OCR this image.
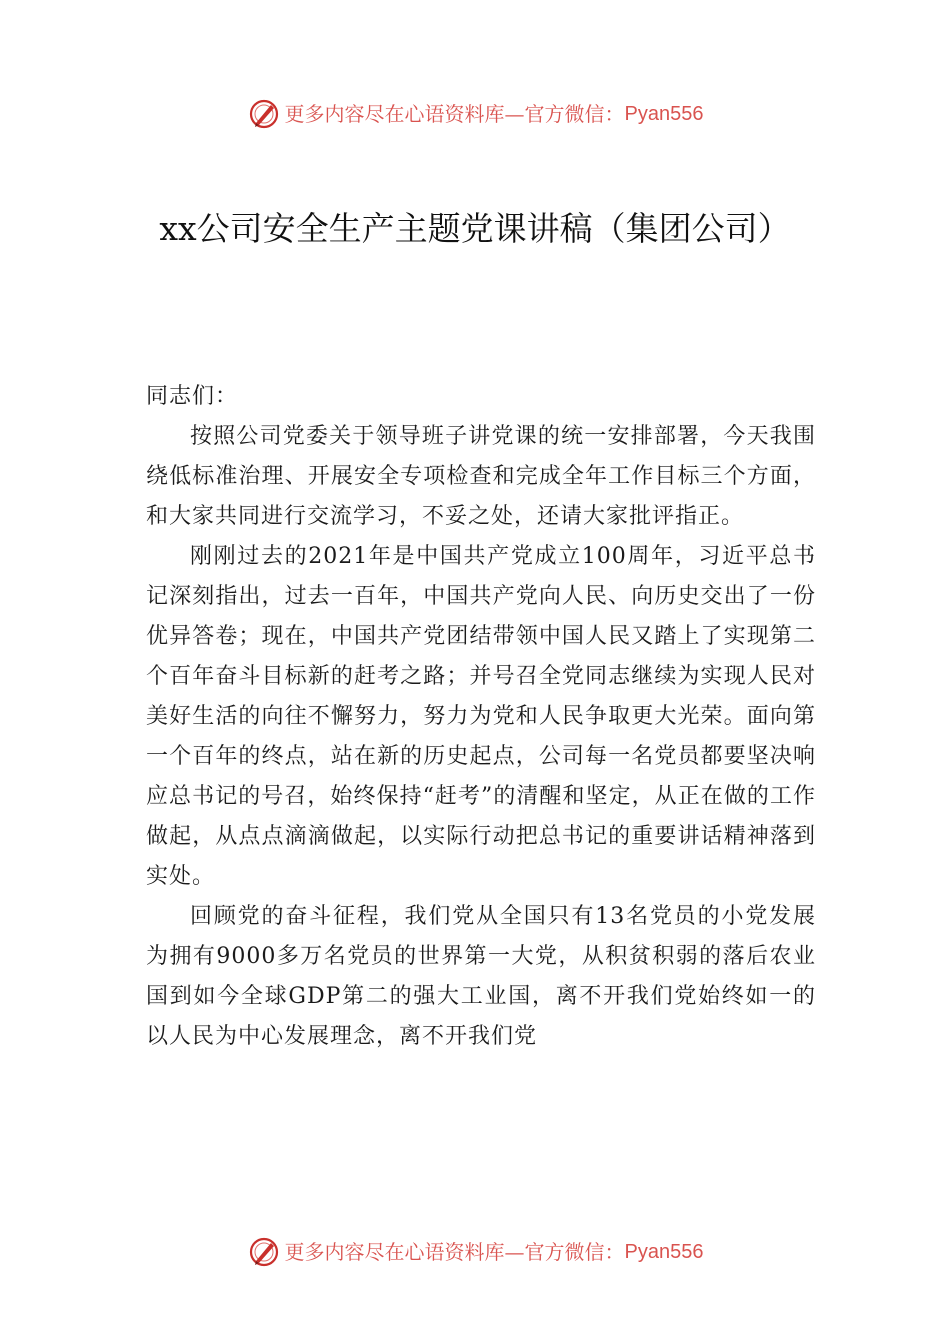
更多内容尽在心语资料库—官方微信： Pyan556
xx公司安全生产主题党课讲稿（集团公司）

同志们：

按照公司党委关于领导班子讲党课的统一安排部署，今天我围绕低标准治理、开展安全专项检查和完成全年工作目标三个方面，和大家共同进行交流学习，不妥之处，还请大家批评指正。

刚刚过去的2021年是中国共产党成立100周年，习近平总书记深刻指出，过去一百年，中国共产党向人民、向历史交出了一份优异答卷；现在，中国共产党团结带领中国人民又踏上了实现第二个百年奋斗目标新的赶考之路；并号召全党同志继续为实现人民对美好生活的向往不懈努力，努力为党和人民争取更大光荣。面向第一个百年的终点，站在新的历史起点，公司每一名党员都要坚决响应总书记的号召，始终保持“赶考”的清醒和坚定，从正在做的工作做起，从点点滴滴做起，以实际行动把总书记的重要讲话精神落到实处。

回顾党的奋斗征程，我们党从全国只有13名党员的小党发展为拥有9000多万名党员的世界第一大党，从积贫积弱的落后农业国到如今全球GDP第二的强大工业国，离不开我们党始终如一的以人民为中心发展理念，离不开我们党

更多内容尽在心语资料库—官方微信： Pyan556
